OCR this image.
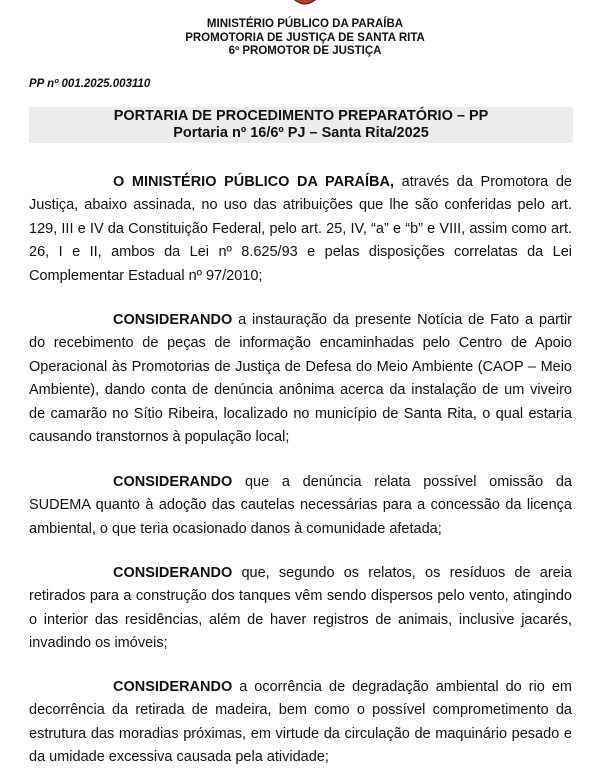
MINISTÉRIO PÚBLICO DA PARAÍBA
PROMOTORIA DE JUSTIÇA DE SANTA RITA
6º PROMOTOR DE JUSTIÇA
PP nº 001.2025.003110
PORTARIA DE PROCEDIMENTO PREPARATÓRIO – PP
Portaria nº 16/6º PJ – Santa Rita/2025

O MINISTÉRIO PÚBLICO DA PARAÍBA, através da Promotora de Justiça, abaixo assinada, no uso das atribuições que lhe são conferidas pelo art. 129, III e IV da Constituição Federal, pelo art. 25, IV, “a” e “b” e VIII, assim como art. 26, I e II, ambos da Lei nº 8.625/93 e pelas disposições correlatas da Lei Complementar Estadual nº 97/2010;

CONSIDERANDO a instauração da presente Notícia de Fato a partir do recebimento de peças de informação encaminhadas pelo Centro de Apoio Operacional às Promotorias de Justiça de Defesa do Meio Ambiente (CAOP – Meio Ambiente), dando conta de denúncia anônima acerca da instalação de um viveiro de camarão no Sítio Ribeira, localizado no município de Santa Rita, o qual estaria causando transtornos à população local;

CONSIDERANDO que a denúncia relata possível omissão da SUDEMA quanto à adoção das cautelas necessárias para a concessão da licença ambiental, o que teria ocasionado danos à comunidade afetada;

CONSIDERANDO que, segundo os relatos, os resíduos de areia retirados para a construção dos tanques vêm sendo dispersos pelo vento, atingindo o interior das residências, além de haver registros de animais, inclusive jacarés, invadindo os imóveis;

CONSIDERANDO a ocorrência de degradação ambiental do rio em decorrência da retirada de madeira, bem como o possível comprometimento da estrutura das moradias próximas, em virtude da circulação de maquinário pesado e da umidade excessiva causada pela atividade;
